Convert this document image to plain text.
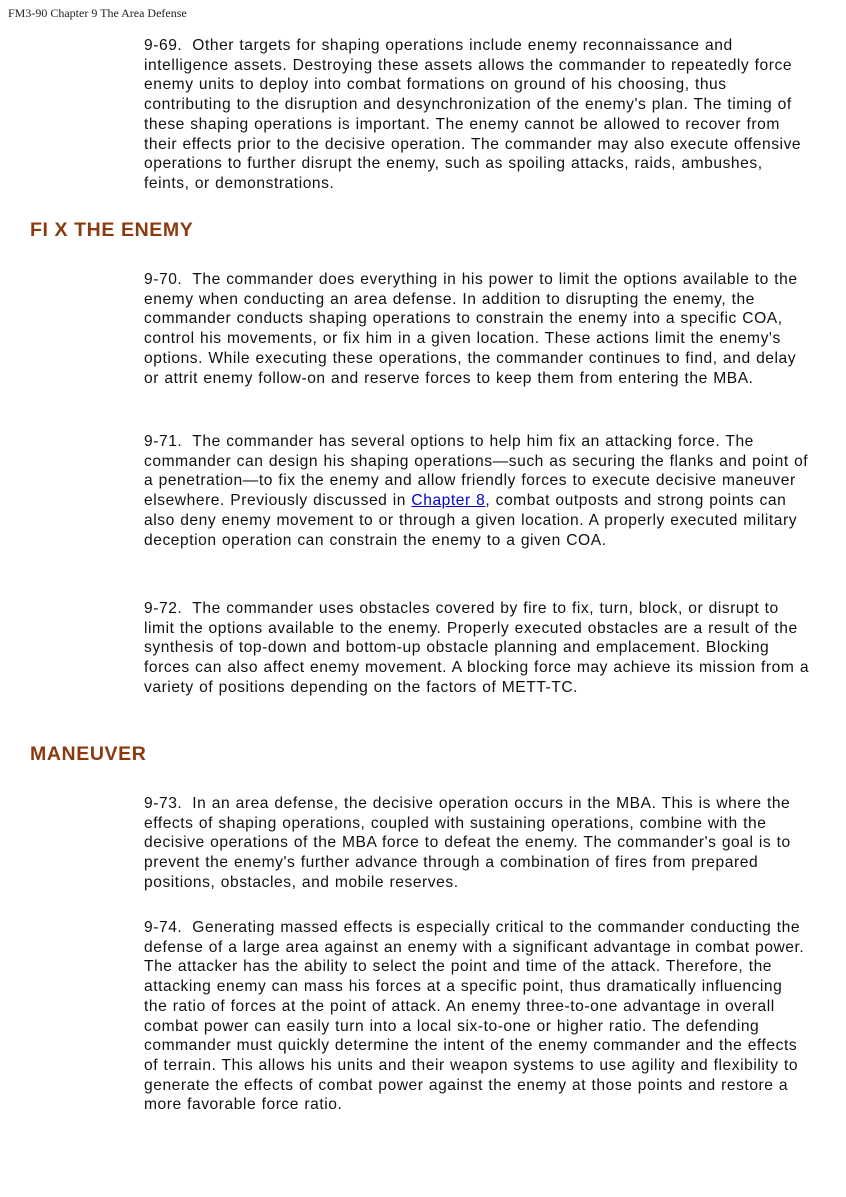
FM3-90 Chapter 9 The Area Defense

9-69. Other targets for shaping operations include enemy reconnaissance and intelligence assets. Destroying these assets allows the commander to repeatedly force enemy units to deploy into combat formations on ground of his choosing, thus contributing to the disruption and desynchronization of the enemy's plan. The timing of these shaping operations is important. The enemy cannot be allowed to recover from their effects prior to the decisive operation. The commander may also execute offensive operations to further disrupt the enemy, such as spoiling attacks, raids, ambushes, feints, or demonstrations.

FI X THE ENEMY

9-70. The commander does everything in his power to limit the options available to the enemy when conducting an area defense. In addition to disrupting the enemy, the commander conducts shaping operations to constrain the enemy into a specific COA, control his movements, or fix him in a given location. These actions limit the enemy's options. While executing these operations, the commander continues to find, and delay or attrit enemy follow-on and reserve forces to keep them from entering the MBA.

9-71. The commander has several options to help him fix an attacking force. The commander can design his shaping operations—such as securing the flanks and point of a penetration—to fix the enemy and allow friendly forces to execute decisive maneuver elsewhere. Previously discussed in Chapter 8, combat outposts and strong points can also deny enemy movement to or through a given location. A properly executed military deception operation can constrain the enemy to a given COA.

9-72. The commander uses obstacles covered by fire to fix, turn, block, or disrupt to limit the options available to the enemy. Properly executed obstacles are a result of the synthesis of top-down and bottom-up obstacle planning and emplacement. Blocking forces can also affect enemy movement. A blocking force may achieve its mission from a variety of positions depending on the factors of METT-TC.

MANEUVER

9-73. In an area defense, the decisive operation occurs in the MBA. This is where the effects of shaping operations, coupled with sustaining operations, combine with the decisive operations of the MBA force to defeat the enemy. The commander's goal is to prevent the enemy's further advance through a combination of fires from prepared positions, obstacles, and mobile reserves.

9-74. Generating massed effects is especially critical to the commander conducting the defense of a large area against an enemy with a significant advantage in combat power. The attacker has the ability to select the point and time of the attack. Therefore, the attacking enemy can mass his forces at a specific point, thus dramatically influencing the ratio of forces at the point of attack. An enemy three-to-one advantage in overall combat power can easily turn into a local six-to-one or higher ratio. The defending commander must quickly determine the intent of the enemy commander and the effects of terrain. This allows his units and their weapon systems to use agility and flexibility to generate the effects of combat power against the enemy at those points and restore a more favorable force ratio.
